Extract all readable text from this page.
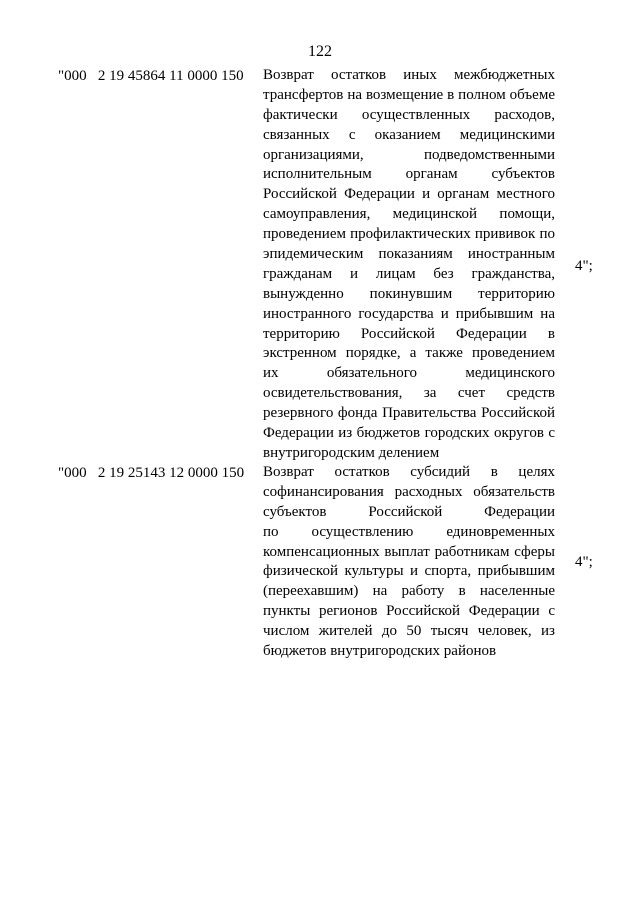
122
"000   2 19 45864 11 0000 150 Возврат остатков иных межбюджетных
трансфертов на возмещение в полном объеме
фактически осуществленных расходов,
связанных с оказанием медицинскими
организациями, подведомственными
исполнительным органам субъектов
Российской Федерации и органам местного
самоуправления, медицинской помощи,
проведением профилактических прививок по
эпидемическим показаниям иностранным
гражданам и лицам без гражданства,
вынужденно покинувшим территорию
иностранного государства и прибывшим на
территорию Российской Федерации в
экстренном порядке, а также проведением
их обязательного медицинского
освидетельствования, за счет средств
резервного фонда Правительства Российской
Федерации из бюджетов городских округов с
внутригородским делением
4";
"000   2 19 25143 12 0000 150 Возврат остатков субсидий в целях
софинансирования расходных обязательств
субъектов Российской Федерации
по осуществлению единовременных
компенсационных выплат работникам сферы
физической культуры и спорта, прибывшим
(переехавшим) на работу в населенные
пункты регионов Российской Федерации с
числом жителей до 50 тысяч человек, из
бюджетов внутригородских районов
4";
